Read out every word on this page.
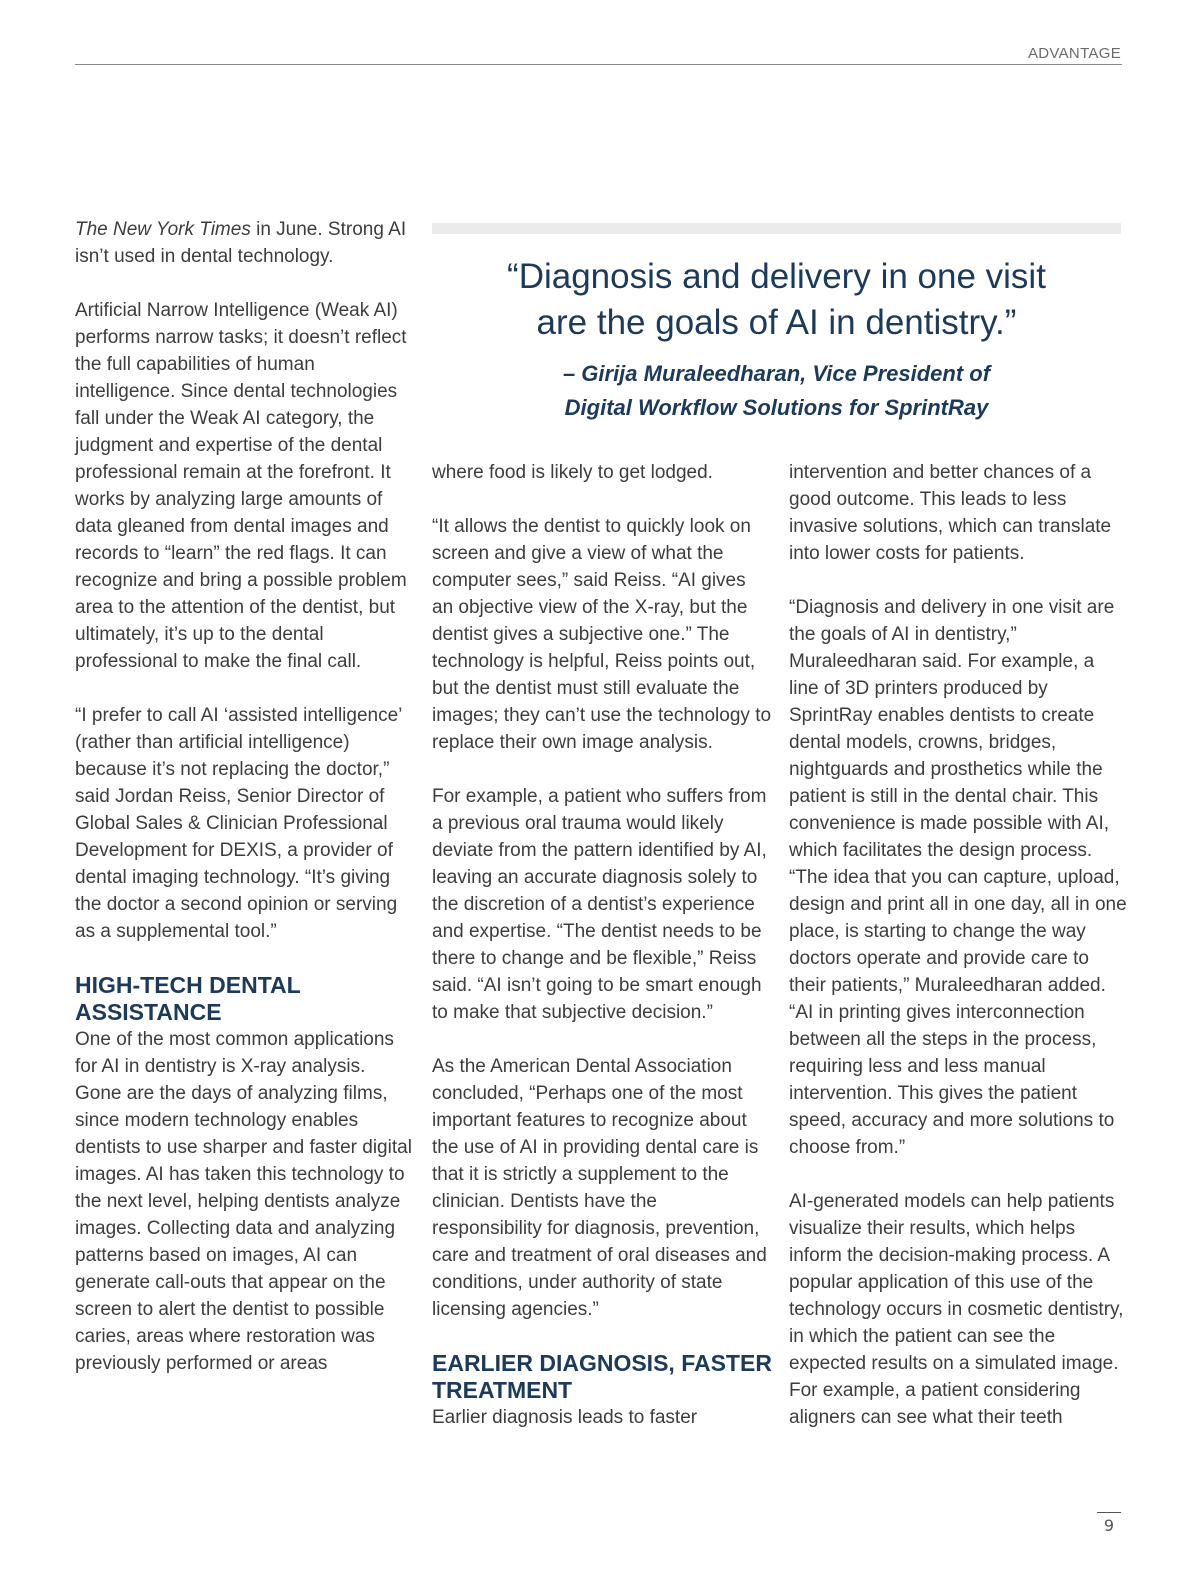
ADVANTAGE

The New York Times in June. Strong AI isn’t used in dental technology.

Artificial Narrow Intelligence (Weak AI) performs narrow tasks; it doesn’t reflect the full capabilities of human intelligence. Since dental technologies fall under the Weak AI category, the judgment and expertise of the dental professional remain at the forefront. It works by analyzing large amounts of data gleaned from dental images and records to “learn” the red flags. It can recognize and bring a possible problem area to the attention of the dentist, but ultimately, it’s up to the dental professional to make the final call.

“I prefer to call AI ‘assisted intelligence’ (rather than artificial intelligence) because it’s not replacing the doctor,” said Jordan Reiss, Senior Director of Global Sales & Clinician Professional Development for DEXIS, a provider of dental imaging technology. “It’s giving the doctor a second opinion or serving as a supplemental tool.”

HIGH-TECH DENTAL
ASSISTANCE

One of the most common applications for AI in dentistry is X-ray analysis. Gone are the days of analyzing films, since modern technology enables dentists to use sharper and faster digital images. AI has taken this technology to the next level, helping dentists analyze images. Collecting data and analyzing patterns based on images, AI can generate call-outs that appear on the screen to alert the dentist to possible caries, areas where restoration was previously performed or areas

“Diagnosis and delivery in one visit
are the goals of AI in dentistry.”

– Girija Muraleedharan, Vice President of
Digital Workflow Solutions for SprintRay

where food is likely to get lodged.

“It allows the dentist to quickly look on screen and give a view of what the computer sees,” said Reiss. “AI gives an objective view of the X-ray, but the dentist gives a subjective one.” The technology is helpful, Reiss points out, but the dentist must still evaluate the images; they can’t use the technology to replace their own image analysis.

For example, a patient who suffers from a previous oral trauma would likely deviate from the pattern identified by AI, leaving an accurate diagnosis solely to the discretion of a dentist’s experience and expertise. “The dentist needs to be there to change and be flexible,” Reiss said. “AI isn’t going to be smart enough to make that subjective decision.”

As the American Dental Association concluded, “Perhaps one of the most important features to recognize about the use of AI in providing dental care is that it is strictly a supplement to the clinician. Dentists have the responsibility for diagnosis, prevention, care and treatment of oral diseases and conditions, under authority of state licensing agencies.”

EARLIER DIAGNOSIS, FASTER
TREATMENT

Earlier diagnosis leads to faster

intervention and better chances of a good outcome. This leads to less invasive solutions, which can translate into lower costs for patients.

“Diagnosis and delivery in one visit are the goals of AI in dentistry,” Muraleedharan said. For example, a line of 3D printers produced by SprintRay enables dentists to create dental models, crowns, bridges, nightguards and prosthetics while the patient is still in the dental chair. This convenience is made possible with AI, which facilitates the design process. “The idea that you can capture, upload, design and print all in one day, all in one place, is starting to change the way doctors operate and provide care to their patients,” Muraleedharan added. “AI in printing gives interconnection between all the steps in the process, requiring less and less manual intervention. This gives the patient speed, accuracy and more solutions to choose from.”

AI-generated models can help patients visualize their results, which helps inform the decision-making process. A popular application of this use of the technology occurs in cosmetic dentistry, in which the patient can see the expected results on a simulated image. For example, a patient considering aligners can see what their teeth

9
